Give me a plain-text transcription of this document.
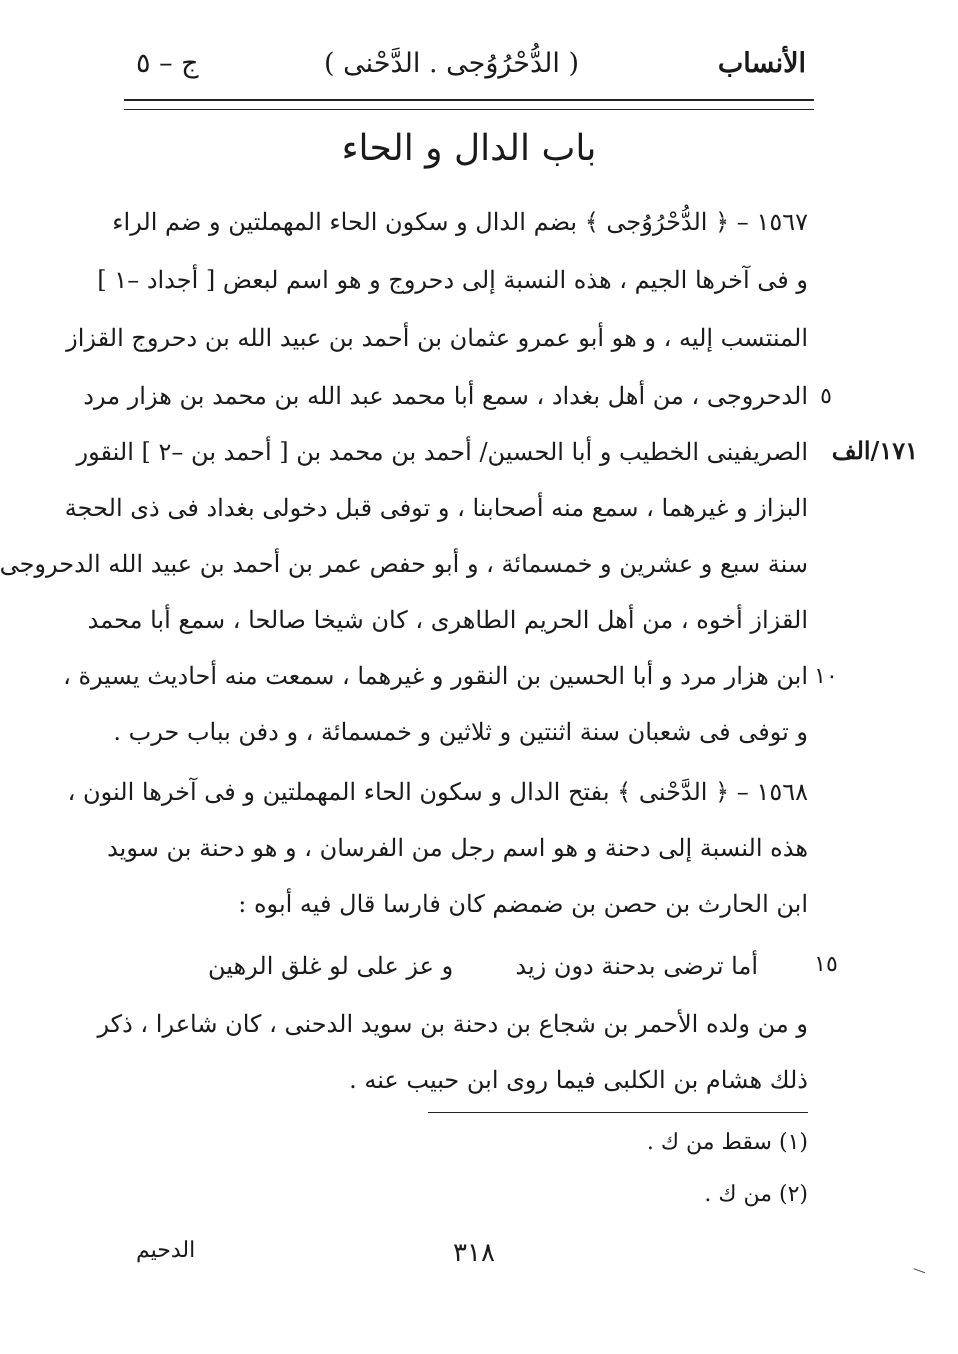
الأنساب
( الدُّحْرُوُجى . الدَّحْنى )
ج – ٥
باب الدال و الحاء
١٧١/الف
١٥٦٧ – ﴿ الدُّحْرُوُجى ﴾ بضم الدال و سكون الحاء المهملتين و ضم الراء
و فى آخرها الجيم ، هذه النسبة إلى دحروج و هو اسم لبعض [ أجداد –١ ]
المنتسب إليه ، و هو أبو عمرو عثمان بن أحمد بن عبيد الله بن دحروج القزاز
٥
الدحروجى ، من أهل بغداد ، سمع أبا محمد عبد الله بن محمد بن هزار مرد
الصريفينى الخطيب و أبا الحسين/ أحمد بن محمد بن [ أحمد بن –٢ ] النقور
البزاز و غيرهما ، سمع منه أصحابنا ، و توفى قبل دخولى بغداد فى ذى الحجة
سنة سبع و عشرين و خمسمائة ، و أبو حفص عمر بن أحمد بن عبيد الله الدحروجى
القزاز أخوه ، من أهل الحريم الطاهرى ، كان شيخا صالحا ، سمع أبا محمد
١٠
ابن هزار مرد و أبا الحسين بن النقور و غيرهما ، سمعت منه أحاديث يسيرة ،
و توفى فى شعبان سنة اثنتين و ثلاثين و خمسمائة ، و دفن بباب حرب .
١٥٦٨ – ﴿ الدَّحْنى ﴾ بفتح الدال و سكون الحاء المهملتين و فى آخرها النون ،
هذه النسبة إلى دحنة و هو اسم رجل من الفرسان ، و هو دحنة بن سويد
ابن الحارث بن حصن بن ضمضم كان فارسا قال فيه أبوه :
١٥
أما ترضى بدحنة دون زيد
و عز على لو غلق الرهين
و من ولده الأحمر بن شجاع بن دحنة بن سويد الدحنى ، كان شاعرا ، ذكر
ذلك هشام بن الكلبى فيما روى ابن حبيب عنه .
(١) سقط من ك .
(٢) من ك .
٣١٨
الدحيم
